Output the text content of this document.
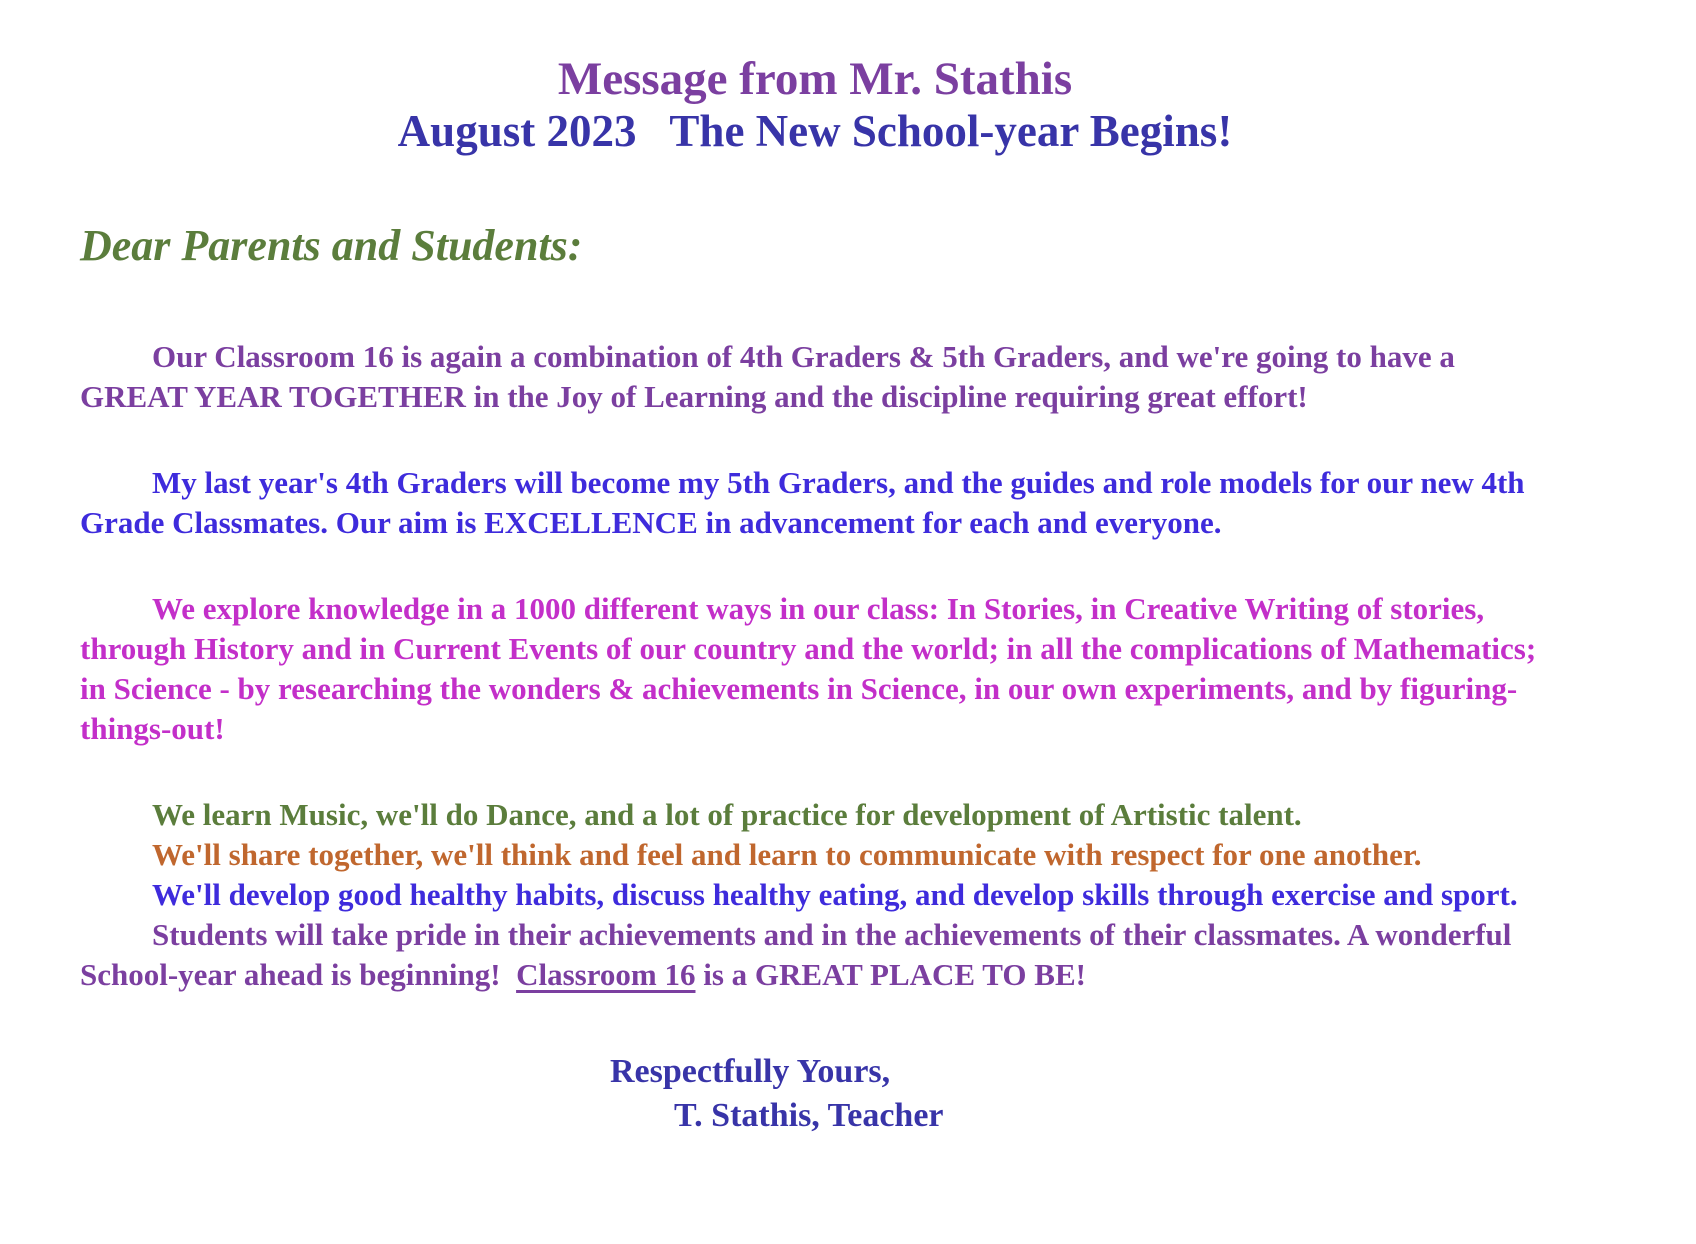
Message from Mr. Stathis
August 2023   The New School-year Begins!
Dear Parents and Students:

Our Classroom 16 is again a combination of 4th Graders & 5th Graders, and we're going to have a GREAT YEAR TOGETHER in the Joy of Learning and the discipline requiring great effort!

My last year's 4th Graders will become my 5th Graders, and the guides and role models for our new 4th Grade Classmates. Our aim is EXCELLENCE in advancement for each and everyone.

We explore knowledge in a 1000 different ways in our class: In Stories, in Creative Writing of stories, through History and in Current Events of our country and the world; in all the complications of Mathematics; in Science - by researching the wonders & achievements in Science, in our own experiments, and by figuring-things-out!

We learn Music, we'll do Dance, and a lot of practice for development of Artistic talent.

We'll share together, we'll think and feel and learn to communicate with respect for one another.

We'll develop good healthy habits, discuss healthy eating, and develop skills through exercise and sport.

Students will take pride in their achievements and in the achievements of their classmates. A wonderful School-year ahead is beginning!  Classroom 16 is a GREAT PLACE TO BE!

Respectfully Yours,
T. Stathis, Teacher
